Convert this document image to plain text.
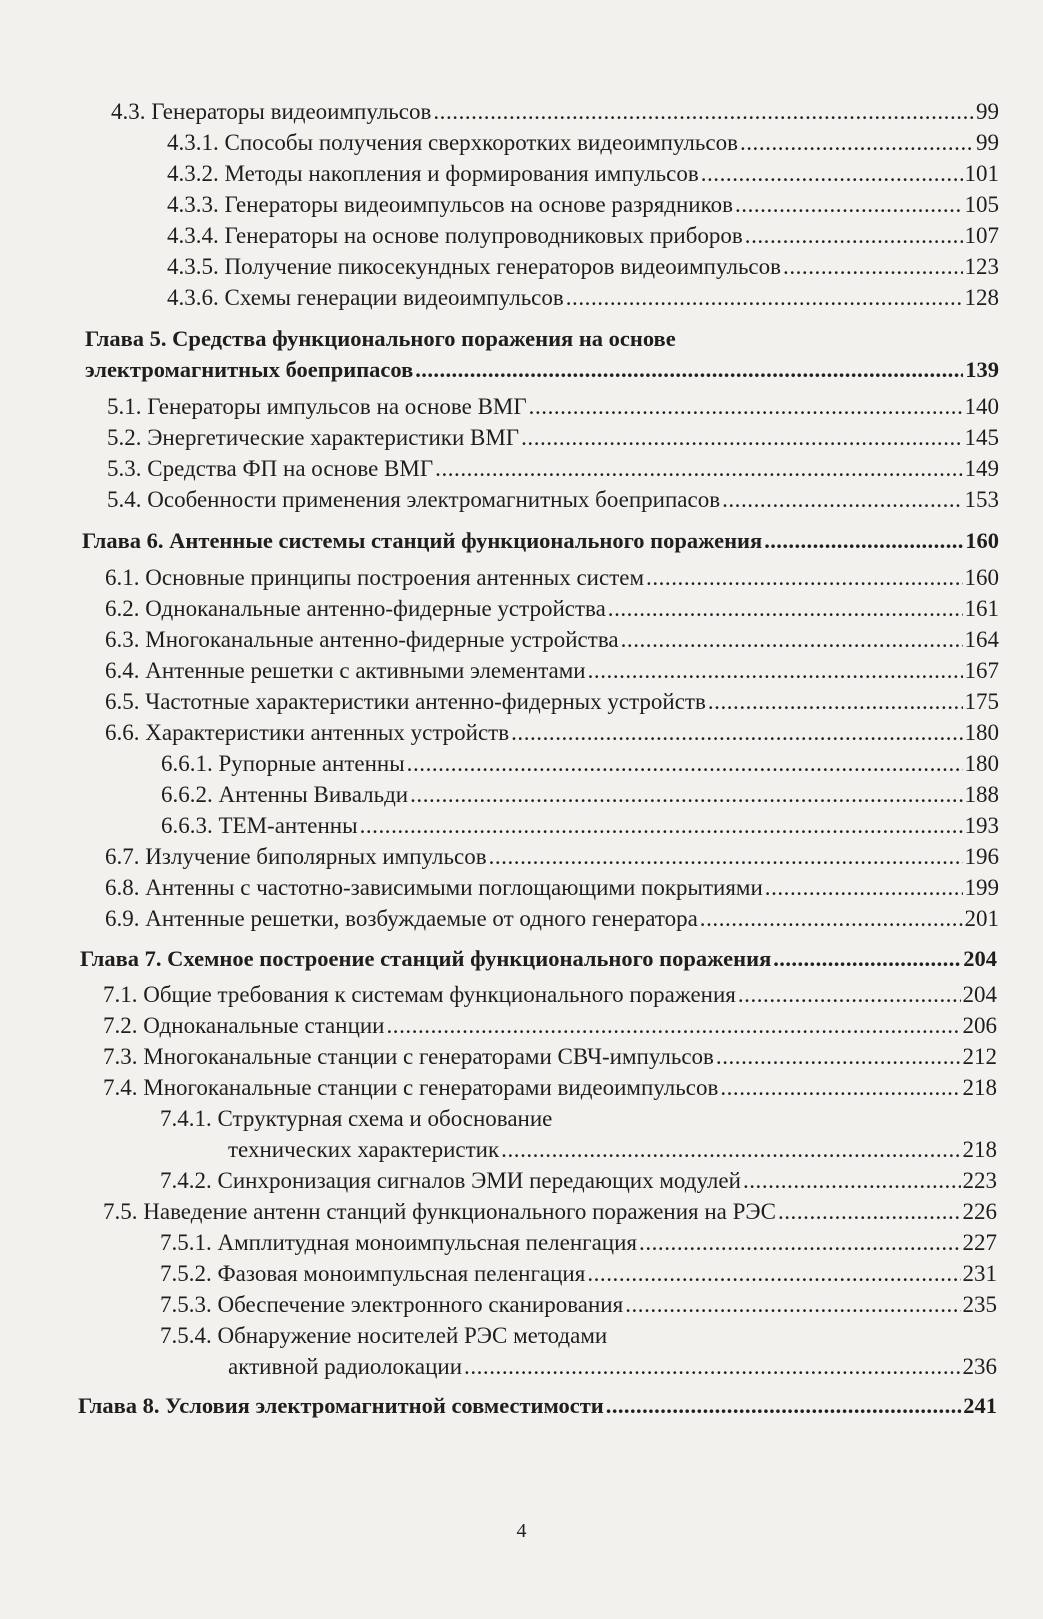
4.3. Генераторы видеоимпульсов . . .	99
4.3.1. Способы получения сверхкоротких видеоимпульсов . . .	99
4.3.2. Методы накопления и формирования импульсов . . .	101
4.3.3. Генераторы видеоимпульсов на основе разрядников . . .	105
4.3.4. Генераторы на основе полупроводниковых приборов . . .	107
4.3.5. Получение пикосекундных генераторов видеоимпульсов . . .	123
4.3.6. Схемы генерации видеоимпульсов . . .	128
Глава 5. Средства функционального поражения на основе
электромагнитных боеприпасов . . .	139
5.1. Генераторы импульсов на основе ВМГ . . .	140
5.2. Энергетические характеристики ВМГ . . .	145
5.3. Средства ФП на основе ВМГ . . .	149
5.4. Особенности применения электромагнитных боеприпасов . . .	153
Глава 6. Антенные системы станций функционального поражения . . .	160
6.1. Основные принципы построения антенных систем . . .	160
6.2. Одноканальные антенно-фидерные устройства . . .	161
6.3. Многоканальные антенно-фидерные устройства . . .	164
6.4. Антенные решетки с активными элементами . . .	167
6.5. Частотные характеристики антенно-фидерных устройств . . .	175
6.6. Характеристики антенных устройств . . .	180
6.6.1. Рупорные антенны . . .	180
6.6.2. Антенны Вивальди . . .	188
6.6.3. ТЕМ-антенны . . .	193
6.7. Излучение биполярных импульсов . . .	196
6.8. Антенны с частотно-зависимыми поглощающими покрытиями . . .	199
6.9. Антенные решетки, возбуждаемые от одного генератора . . .	201
Глава 7. Схемное построение станций функционального поражения . . .	204
7.1. Общие требования к системам функционального поражения . . .	204
7.2. Одноканальные станции . . .	206
7.3. Многоканальные станции с генераторами СВЧ-импульсов . . .	212
7.4. Многоканальные станции с генераторами видеоимпульсов . . .	218
7.4.1. Структурная схема и обоснование
технических характеристик . . .	218
7.4.2. Синхронизация сигналов ЭМИ передающих модулей . . .	223
7.5. Наведение антенн станций функционального поражения на РЭС . . .	226
7.5.1. Амплитудная моноимпульсная пеленгация . . .	227
7.5.2. Фазовая моноимпульсная пеленгация . . .	231
7.5.3. Обеспечение электронного сканирования . . .	235
7.5.4. Обнаружение носителей РЭС методами
активной радиолокации . . .	236
Глава 8. Условия электромагнитной совместимости . . .	241
4
